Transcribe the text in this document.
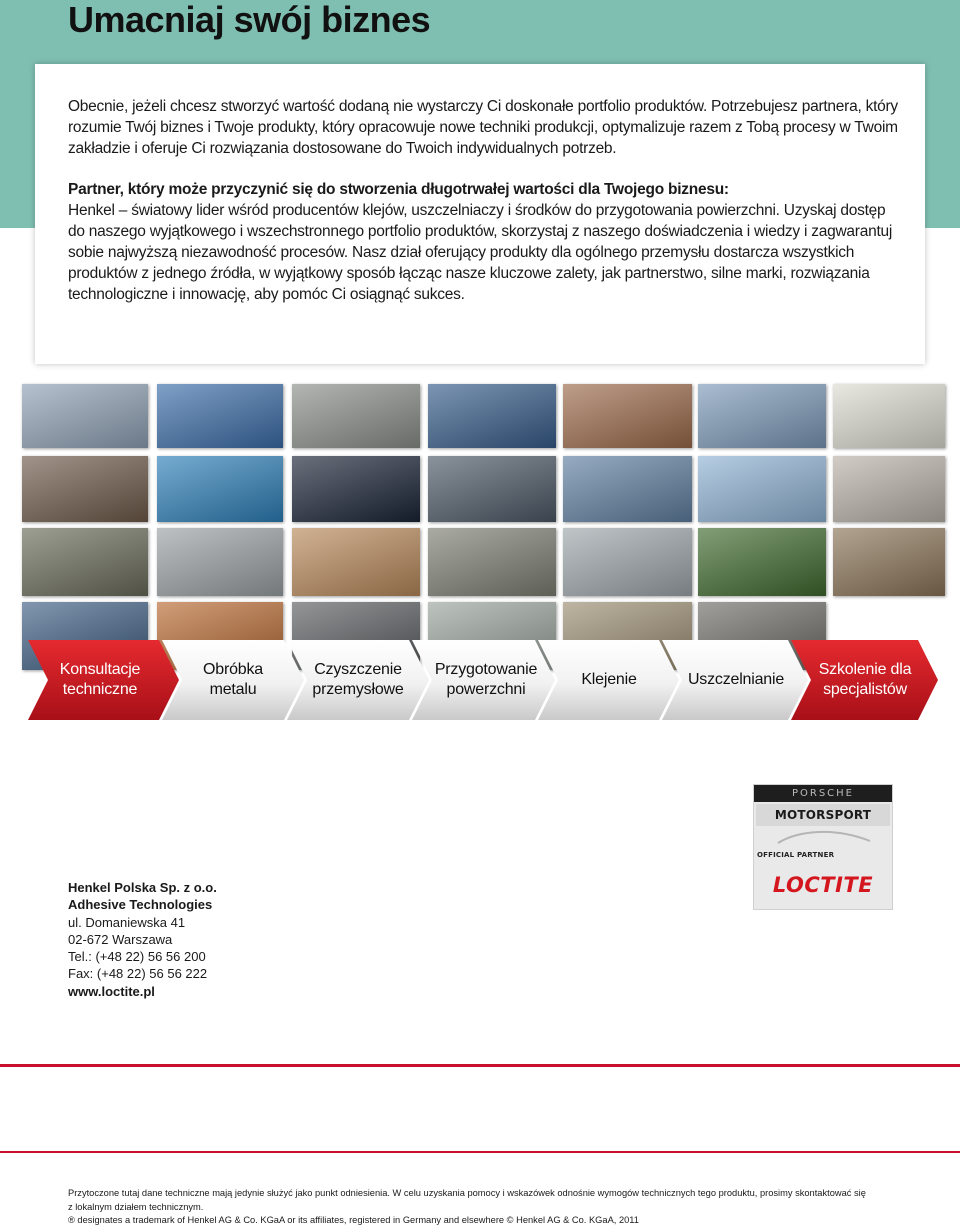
Umacniaj swój biznes

Obecnie, jeżeli chcesz stworzyć wartość dodaną nie wystarczy Ci doskonałe portfolio produktów. Potrzebujesz partnera, który rozumie Twój biznes i Twoje produkty, który opracowuje nowe techniki produkcji, optymalizuje razem z Tobą procesy w Twoim zakładzie i oferuje Ci rozwiązania dostosowane do Twoich indywidualnych potrzeb.

Partner, który może przyczynić się do stworzenia długotrwałej wartości dla Twojego biznesu:

Henkel – światowy lider wśród producentów klejów, uszczelniaczy i środków do przygotowania powierzchni. Uzyskaj dostęp do naszego wyjątkowego i wszechstronnego portfolio produktów, skorzystaj z naszego doświadczenia i wiedzy i zagwarantuj sobie najwyższą niezawodność procesów. Nasz dział oferujący produkty dla ogólnego przemysłu dostarcza wszystkich produktów z jednego źródła, w wyjątkowy sposób łącząc nasze kluczowe zalety, jak partnerstwo, silne marki, rozwiązania technologiczne i innowację, aby pomóc Ci osiągnąć sukces.

Konsultacje
techniczne
Obróbka
metalu
Czyszczenie
przemysłowe
Przygotowanie
powerzchni
Klejenie	Uszczelnianie
Szkolenie dla
specjalistów
PORSCHE
MOTORSPORT
OFFICIAL PARTNER
LOCTITE
Henkel Polska Sp. z o.o.
Adhesive Technologies
ul. Domaniewska 41
02-672 Warszawa
Tel.: (+48 22) 56 56 200
Fax: (+48 22) 56 56 222
www.loctite.pl
Przytoczone tutaj dane techniczne mają jedynie służyć jako punkt odniesienia. W celu uzyskania pomocy i wskazówek odnośnie wymogów technicznych tego produktu, prosimy skontaktować się
z lokalnym działem technicznym.
® designates a trademark of Henkel AG & Co. KGaA or its affiliates, registered in Germany and elsewhere © Henkel AG & Co. KGaA, 2011
